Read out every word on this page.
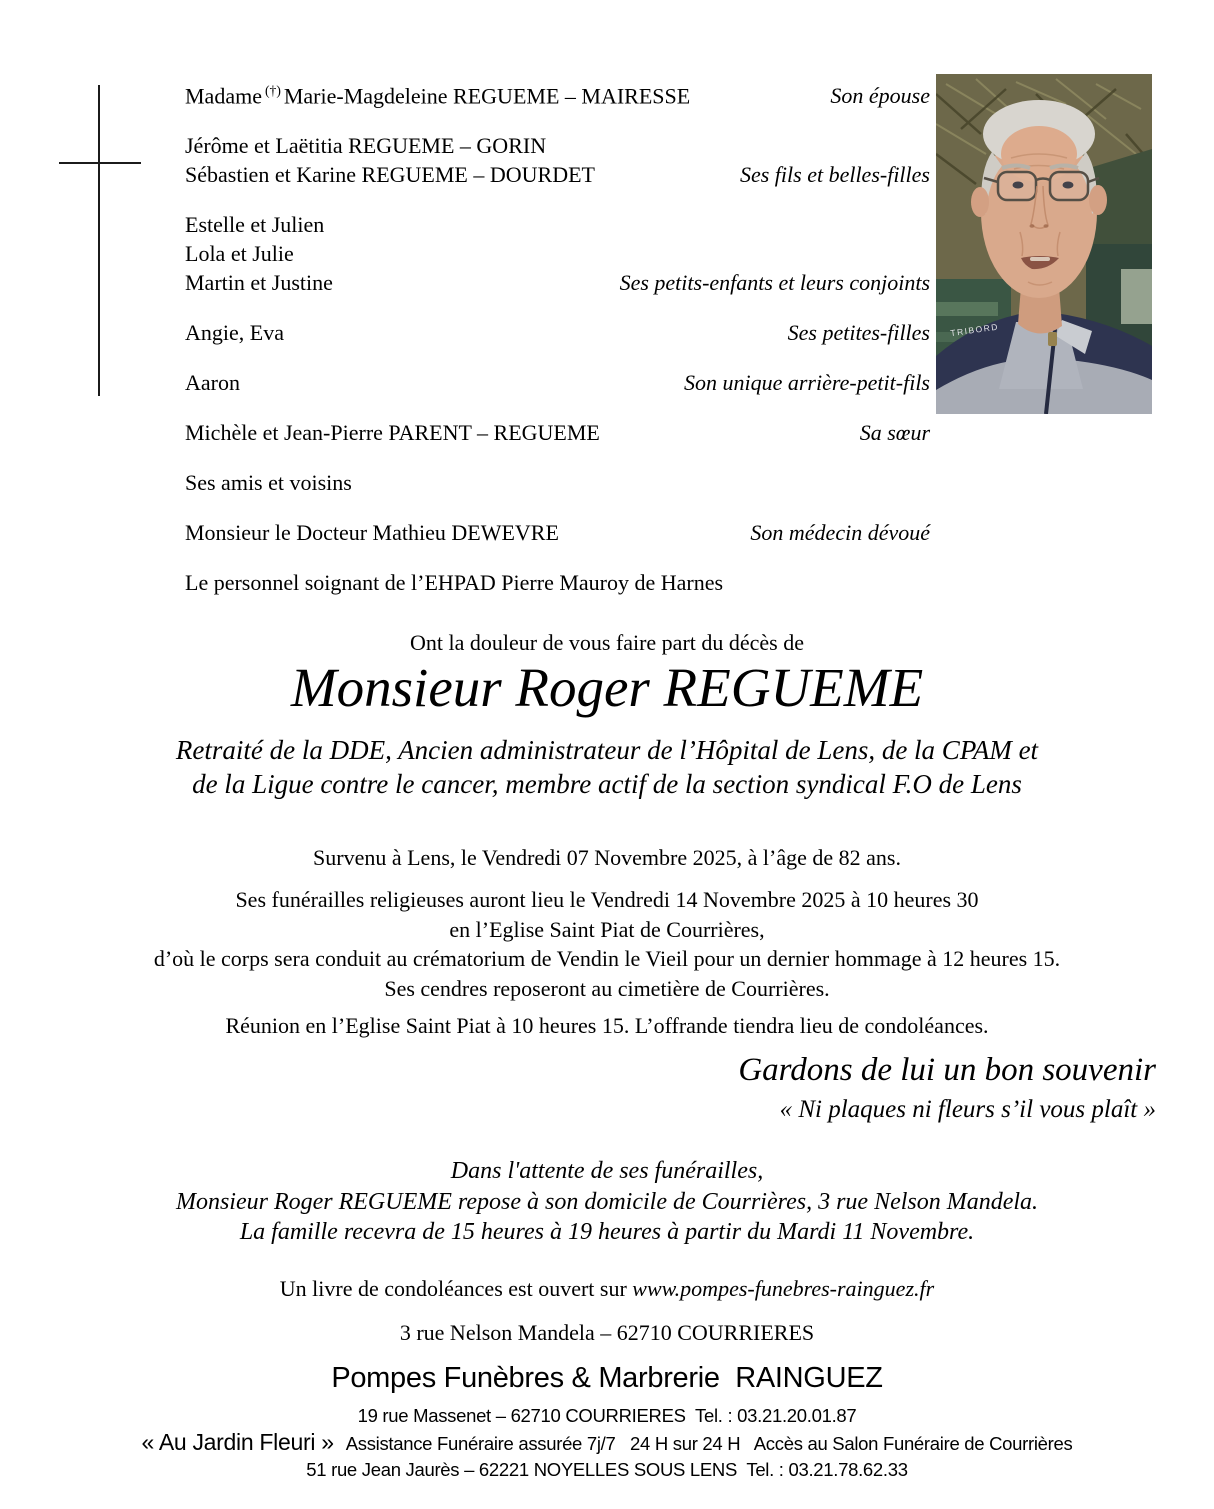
TRIBORD
Madame (†) Marie-Magdeleine REGUEME – MAIRESSE	Son épouse
Jérôme et Laëtitia REGUEME – GORIN
Sébastien et Karine REGUEME – DOURDET	Ses fils et belles-filles
Estelle et Julien
Lola et Julie
Martin et Justine	Ses petits-enfants et leurs conjoints
Angie, Eva	Ses petites-filles
Aaron	Son unique arrière-petit-fils
Michèle et Jean-Pierre PARENT – REGUEME	Sa sœur
Ses amis et voisins
Monsieur le Docteur Mathieu DEWEVRE	Son médecin dévoué
Le personnel soignant de l’EHPAD Pierre Mauroy de Harnes
Ont la douleur de vous faire part du décès de
Monsieur Roger REGUEME
Retraité de la DDE, Ancien administrateur de l’Hôpital de Lens, de la CPAM et
de la Ligue contre le cancer, membre actif de la section syndical F.O de Lens
Survenu à Lens, le Vendredi 07 Novembre 2025, à l’âge de 82 ans.
Ses funérailles religieuses auront lieu le Vendredi 14 Novembre 2025 à 10 heures 30
en l’Eglise Saint Piat de Courrières,
d’où le corps sera conduit au crématorium de Vendin le Vieil pour un dernier hommage à 12 heures 15.
Ses cendres reposeront au cimetière de Courrières.
Réunion en l’Eglise Saint Piat à 10 heures 15. L’offrande tiendra lieu de condoléances.
Gardons de lui un bon souvenir
« Ni plaques ni fleurs s’il vous plaît »
Dans l'attente de ses funérailles,
Monsieur Roger REGUEME repose à son domicile de Courrières, 3 rue Nelson Mandela.
La famille recevra de 15 heures à 19 heures à partir du Mardi 11 Novembre.
Un livre de condoléances est ouvert sur www.pompes-funebres-rainguez.fr
3 rue Nelson Mandela – 62710 COURRIERES
Pompes Funèbres & Marbrerie  RAINGUEZ
19 rue Massenet – 62710 COURRIERES  Tel. : 03.21.20.01.87
« Au Jardin Fleuri » Assistance Funéraire assurée 7j/7   24 H sur 24 H   Accès au Salon Funéraire de Courrières
51 rue Jean Jaurès – 62221 NOYELLES SOUS LENS  Tel. : 03.21.78.62.33
